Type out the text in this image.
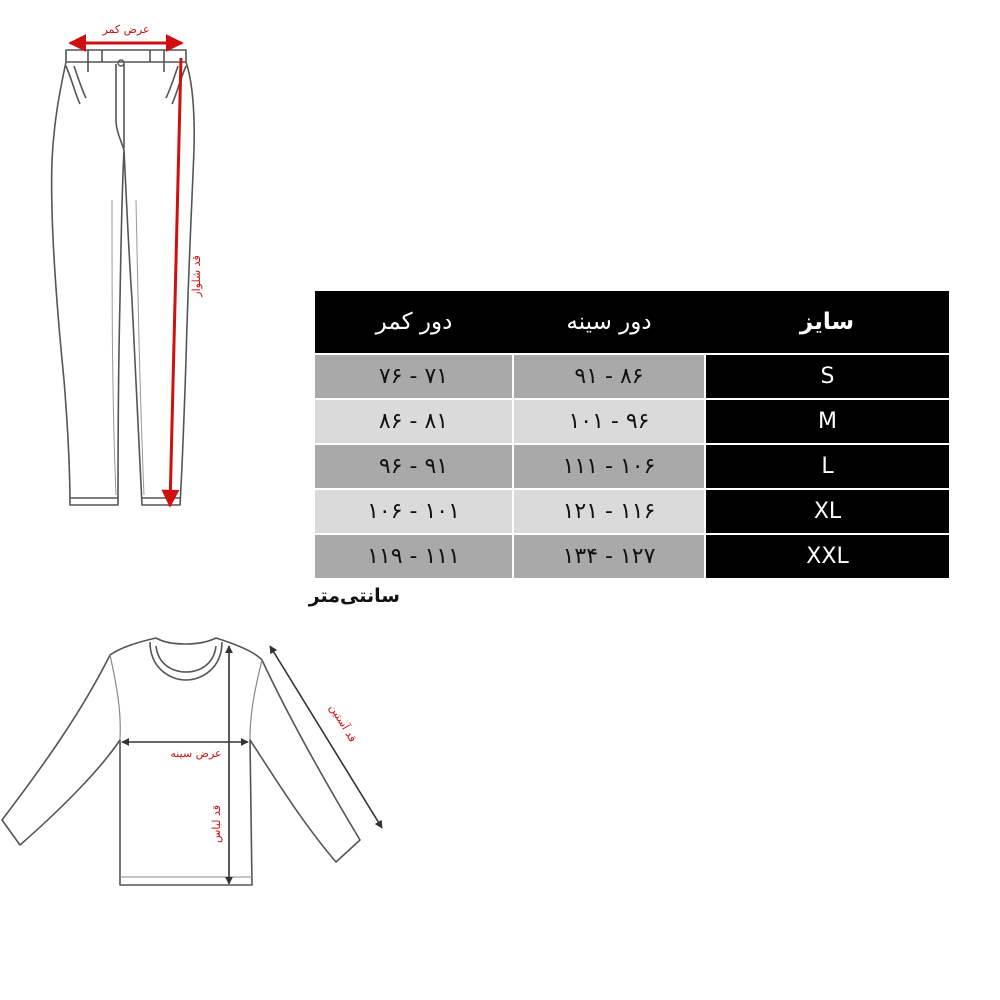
عرض کمر
قد شلوار
عرض سینه
قد لباس
قد آستین
دور کمر	دور سینه	سایز
۷۶ - ۷۱	۹۱ - ۸۶	S
۸۶ - ۸۱	۱۰۱ - ۹۶	M
۹۶ - ۹۱	۱۱۱ - ۱۰۶	L
۱۰۶ - ۱۰۱	۱۲۱ - ۱۱۶	XL
۱۱۹ - ۱۱۱	۱۳۴ - ۱۲۷	XXL
سانتی‌متر
